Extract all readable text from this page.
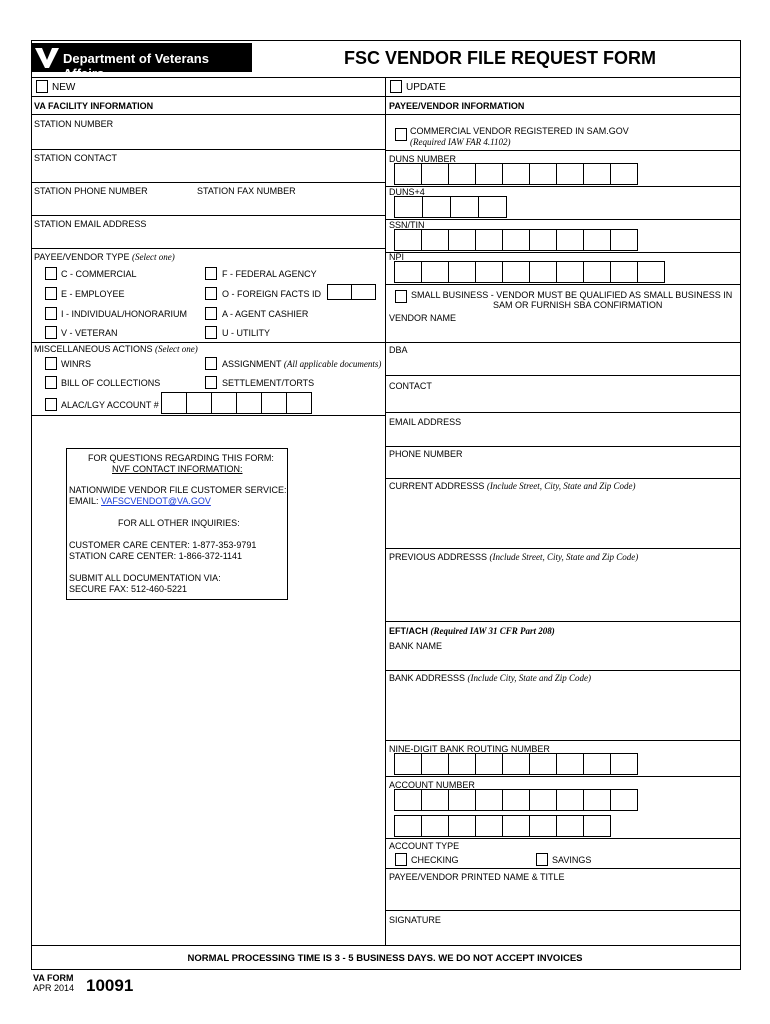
Department of Veterans Affairs
FSC VENDOR FILE REQUEST FORM
NEW	UPDATE
VA FACILITY INFORMATION	PAYEE/VENDOR INFORMATION
STATION NUMBER
STATION CONTACT
STATION PHONE NUMBER	STATION FAX NUMBER
STATION EMAIL ADDRESS
PAYEE/VENDOR TYPE (Select one)
C - COMMERCIAL	F - FEDERAL AGENCY
E - EMPLOYEE	O - FOREIGN FACTS ID
I - INDIVIDUAL/HONORARIUM	A - AGENT CASHIER
V - VETERAN	U - UTILITY
MISCELLANEOUS ACTIONS (Select one)
WINRS	ASSIGNMENT (All applicable documents)
BILL OF COLLECTIONS	SETTLEMENT/TORTS
ALAC/LGY ACCOUNT #
FOR QUESTIONS REGARDING THIS FORM:
NVF CONTACT INFORMATION:
NATIONWIDE VENDOR FILE CUSTOMER SERVICE:
EMAIL: VAFSCVENDOT@VA.GOV
FOR ALL OTHER INQUIRIES:
CUSTOMER CARE CENTER: 1-877-353-9791
STATION CARE CENTER: 1-866-372-1141
SUBMIT ALL DOCUMENTATION VIA:
SECURE FAX: 512-460-5221
COMMERCIAL VENDOR REGISTERED IN SAM.GOV
(Required IAW FAR 4.1102)
DUNS NUMBER
DUNS+4
SSN/TIN
NPI
SMALL BUSINESS - VENDOR MUST BE QUALIFIED AS SMALL BUSINESS IN
SAM OR FURNISH SBA CONFIRMATION
VENDOR NAME
DBA
CONTACT
EMAIL ADDRESS
PHONE NUMBER
CURRENT ADDRESSS (Include Street, City, State and Zip Code)
PREVIOUS ADDRESSS (Include Street, City, State and Zip Code)
EFT/ACH (Required IAW 31 CFR Part 208)
BANK NAME
BANK ADDRESSS (Include City, State and Zip Code)
NINE-DIGIT BANK ROUTING NUMBER
ACCOUNT NUMBER
ACCOUNT TYPE
CHECKING	SAVINGS
PAYEE/VENDOR PRINTED NAME & TITLE
SIGNATURE
NORMAL PROCESSING TIME IS 3 - 5 BUSINESS DAYS. WE DO NOT ACCEPT INVOICES
VA FORM
APR 2014 10091
